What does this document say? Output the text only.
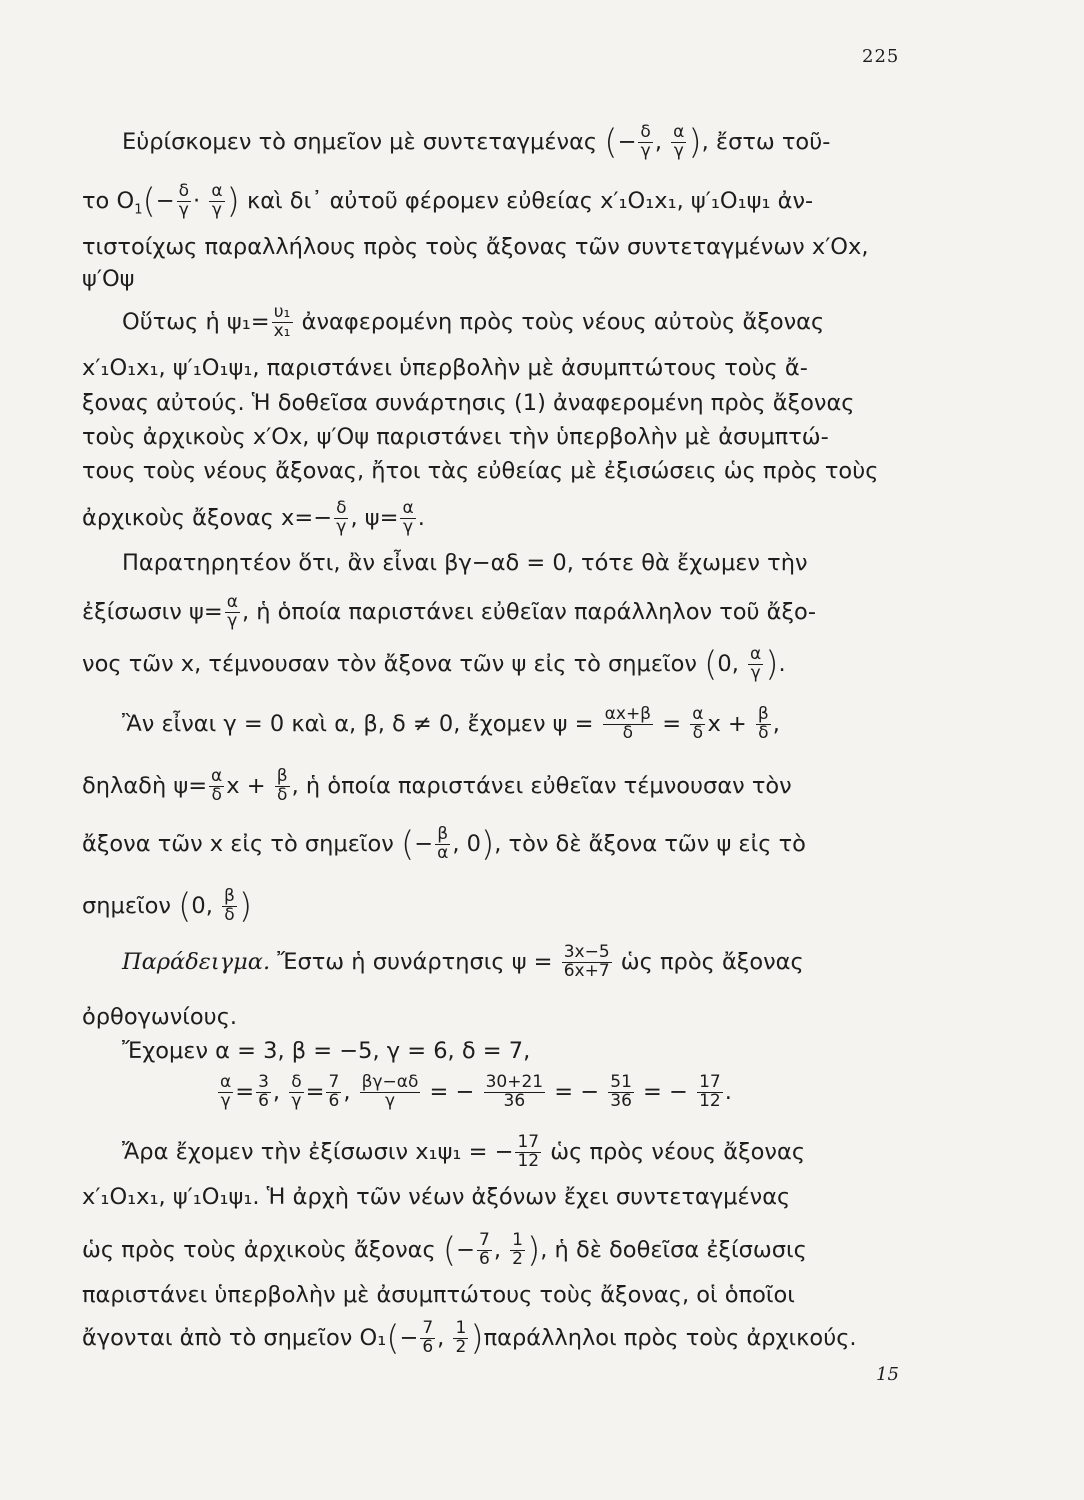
225
Εὑρίσκομεν τὸ σημεῖον μὲ συντεταγμένας (− $\frac{\delta}{\gamma}$ , $\frac{\alpha}{\gamma}$ ), ἔστω τοῦ-
το $O_1(- \frac{\delta}{\gamma} \cdot \frac{\alpha}{\gamma}$ ) καὶ δι᾽ αὐτοῦ φέρομεν εὐθείας x′₁O₁x₁, ψ′₁O₁ψ₁ ἀν-
τιστοίχως παραλλήλους πρὸς τοὺς ἄξονας τῶν συντεταγμένων x′Ox,
ψ′Oψ
Οὕτως ἡ $\psi_1= \frac{\text{υ₁}}{\text{x₁}}$ ἀναφερομένη πρὸς τοὺς νέους αὐτοὺς ἄξονας
x′₁O₁x₁, ψ′₁O₁ψ₁, παριστάνει ὑπερβολὴν μὲ ἀσυμπτώτους τοὺς ἄ-
ξονας αὐτούς. Ἡ δοθεῖσα συνάρτησις (1) ἀναφερομένη πρὸς ἄξονας
τοὺς ἀρχικοὺς x′Ox, ψ′Oψ παριστάνει τὴν ὑπερβολὴν μὲ ἀσυμπτώ-
τους τοὺς νέους ἄξονας, ἤτοι τὰς εὐθείας μὲ ἐξισώσεις ὡς πρὸς τοὺς
ἀρχικοὺς ἄξονας $x=- \frac{\delta}{\gamma}$ , $\psi= \frac{\alpha}{\gamma}$ .
Παρατηρητέον ὅτι, ἂν εἶναι βγ−αδ = 0, τότε θὰ ἔχωμεν τὴν
ἐξίσωσιν $\psi= \frac{\alpha}{\gamma}$ , ἡ ὁποία παριστάνει εὐθεῖαν παράλληλον τοῦ ἄξο-
νος τῶν x, τέμνουσαν τὸν ἄξονα τῶν ψ εἰς τὸ σημεῖον (0, $\frac{\alpha}{\gamma}$ ).
Ἂν εἶναι γ = 0 καὶ α, β, δ ≠ 0, ἔχομεν $\psi = \frac{\alpha x+\beta}{\delta} = \frac{\alpha}{\delta}$ $x + \frac{\beta}{\delta}$ ,
δηλαδὴ $\psi= \frac{\alpha}{\delta}$ $x + \frac{\beta}{\delta}$ , ἡ ὁποία παριστάνει εὐθεῖαν τέμνουσαν τὸν
ἄξονα τῶν x εἰς τὸ σημεῖον (− $\frac{\beta}{\alpha}$ , 0), τὸν δὲ ἄξονα τῶν ψ εἰς τὸ
σημεῖον (0, $\frac{\beta}{\delta}$ )
Παράδειγμα. Ἔστω ἡ συνάρτησις $\psi = \frac{3x-5}{6x+7}$ ὡς πρὸς ἄξονας
ὀρθογωνίους.
Ἔχομεν α = 3, β = −5, γ = 6, δ = 7,
$\frac{\alpha}{\gamma} = \frac{3}{6}$ , $\frac{\delta}{\gamma} = \frac{7}{6}$ , $\frac{\beta\gamma-\alpha\delta}{\gamma}$ = − $\frac{30+21}{36}$ = − $\frac{51}{36}$ = − $\frac{17}{12}$ .
Ἄρα ἔχομεν τὴν ἐξίσωσιν x₁ψ₁ = − $\frac{17}{12}$ ὡς πρὸς νέους ἄξονας
x′₁O₁x₁, ψ′₁O₁ψ₁. Ἡ ἀρχὴ τῶν νέων ἀξόνων ἔχει συντεταγμένας
ὡς πρὸς τοὺς ἀρχικοὺς ἄξονας (− $\frac{7}{6}$ , $\frac{1}{2}$ ), ἡ δὲ δοθεῖσα ἐξίσωσις
παριστάνει ὑπερβολὴν μὲ ἀσυμπτώτους τοὺς ἄξονας, οἱ ὁποῖοι
ἄγονται ἀπὸ τὸ σημεῖον $O_1(- \frac{7}{6}$ , $\frac{1}{2} )\pi\alpha\rho ά\lambda\lambda\eta\lambda o\iota$ πρὸς τοὺς ἀρχικούς.
15
